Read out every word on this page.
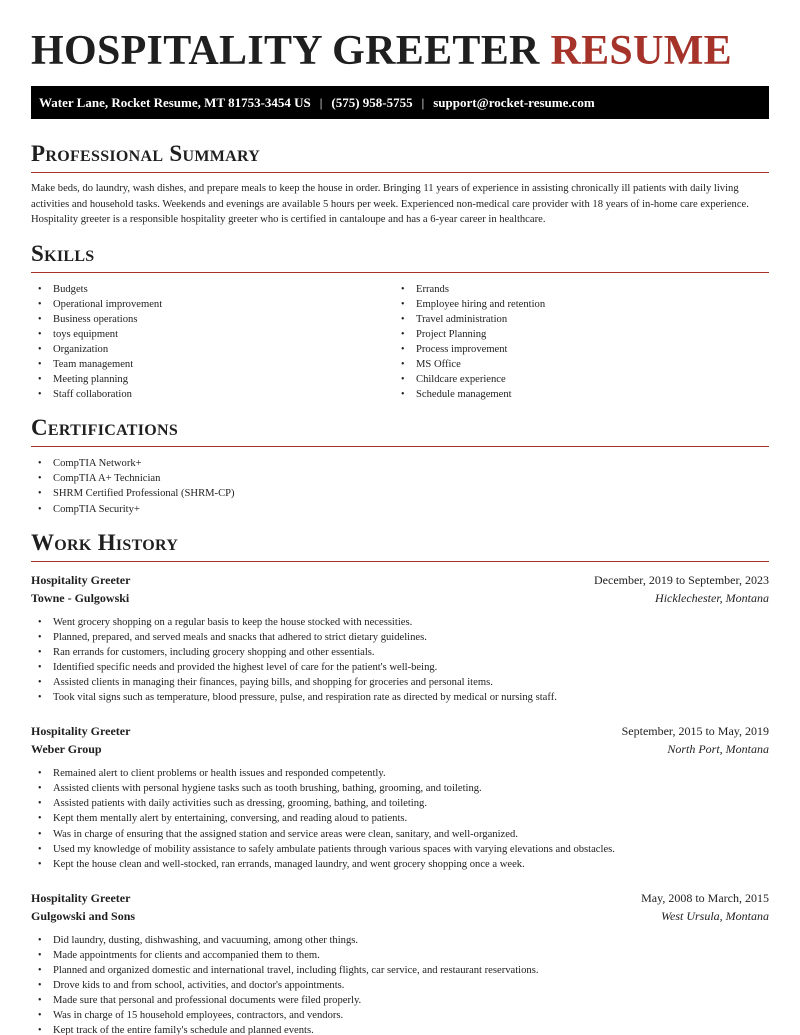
HOSPITALITY GREETER RESUME
Water Lane, Rocket Resume, MT 81753-3454 US | (575) 958-5755 | support@rocket-resume.com
Professional Summary
Make beds, do laundry, wash dishes, and prepare meals to keep the house in order. Bringing 11 years of experience in assisting chronically ill patients with daily living activities and household tasks. Weekends and evenings are available 5 hours per week. Experienced non-medical care provider with 18 years of in-home care experience. Hospitality greeter is a responsible hospitality greeter who is certified in cantaloupe and has a 6-year career in healthcare.
Skills
• Budgets
• Operational improvement
• Business operations
• toys equipment
• Organization
• Team management
• Meeting planning
• Staff collaboration
• Errands
• Employee hiring and retention
• Travel administration
• Project Planning
• Process improvement
• MS Office
• Childcare experience
• Schedule management
Certifications
• CompTIA Network+
• CompTIA A+ Technician
• SHRM Certified Professional (SHRM-CP)
• CompTIA Security+
Work History
Hospitality Greeter	December, 2019 to September, 2023
Towne - Gulgowski	Hicklechester, Montana
• Went grocery shopping on a regular basis to keep the house stocked with necessities.
• Planned, prepared, and served meals and snacks that adhered to strict dietary guidelines.
• Ran errands for customers, including grocery shopping and other essentials.
• Identified specific needs and provided the highest level of care for the patient's well-being.
• Assisted clients in managing their finances, paying bills, and shopping for groceries and personal items.
• Took vital signs such as temperature, blood pressure, pulse, and respiration rate as directed by medical or nursing staff.
Hospitality Greeter	September, 2015 to May, 2019
Weber Group	North Port, Montana
• Remained alert to client problems or health issues and responded competently.
• Assisted clients with personal hygiene tasks such as tooth brushing, bathing, grooming, and toileting.
• Assisted patients with daily activities such as dressing, grooming, bathing, and toileting.
• Kept them mentally alert by entertaining, conversing, and reading aloud to patients.
• Was in charge of ensuring that the assigned station and service areas were clean, sanitary, and well-organized.
• Used my knowledge of mobility assistance to safely ambulate patients through various spaces with varying elevations and obstacles.
• Kept the house clean and well-stocked, ran errands, managed laundry, and went grocery shopping once a week.
Hospitality Greeter	May, 2008 to March, 2015
Gulgowski and Sons	West Ursula, Montana
• Did laundry, dusting, dishwashing, and vacuuming, among other things.
• Made appointments for clients and accompanied them to them.
• Planned and organized domestic and international travel, including flights, car service, and restaurant reservations.
• Drove kids to and from school, activities, and doctor's appointments.
• Made sure that personal and professional documents were filed properly.
• Was in charge of 15 household employees, contractors, and vendors.
• Kept track of the entire family's schedule and planned events.
